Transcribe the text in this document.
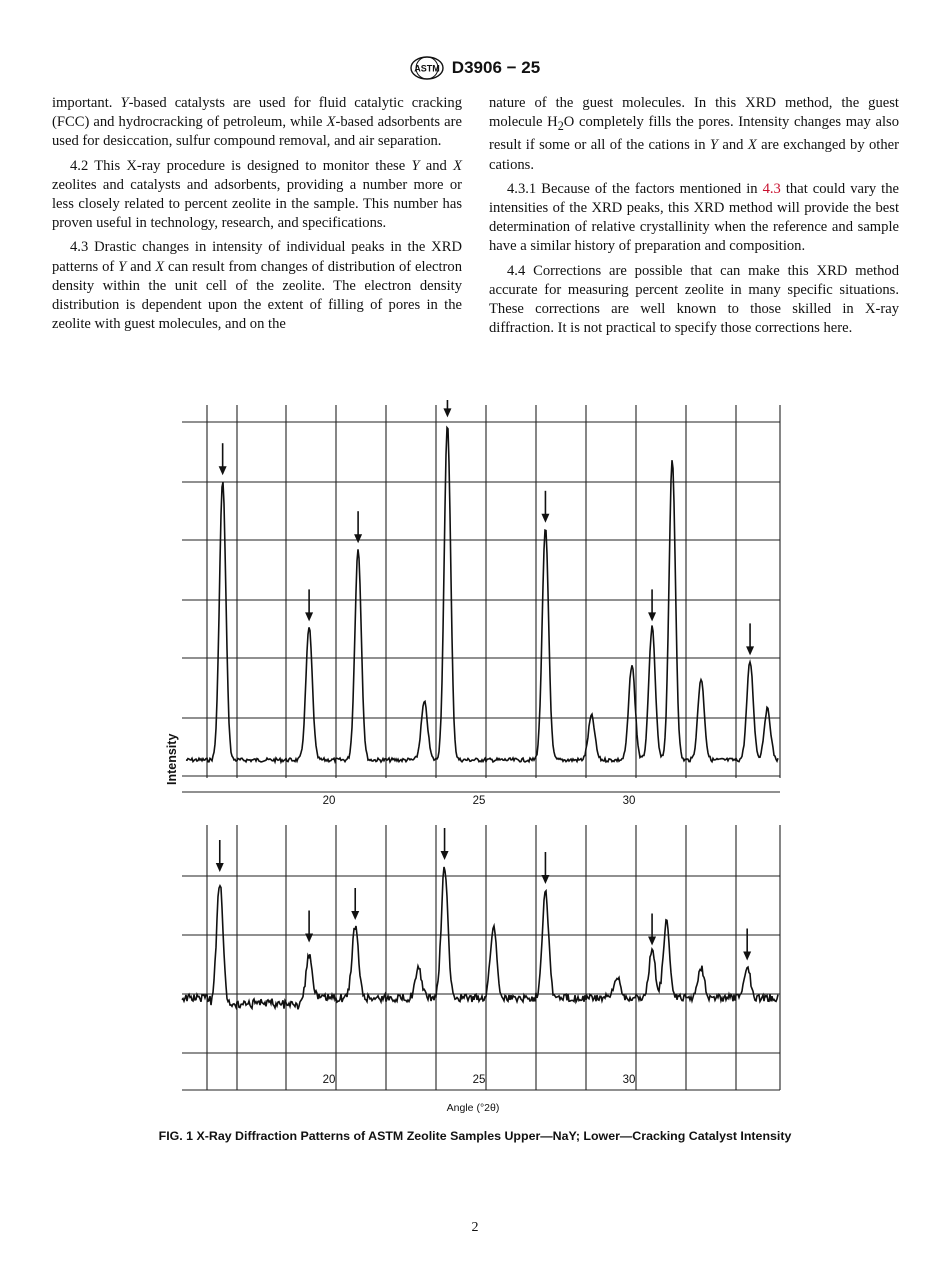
ASTM D3906 − 25

important. Y-based catalysts are used for fluid catalytic cracking (FCC) and hydrocracking of petroleum, while X-based adsorbents are used for desiccation, sulfur compound removal, and air separation.

4.2 This X-ray procedure is designed to monitor these Y and X zeolites and catalysts and adsorbents, providing a number more or less closely related to percent zeolite in the sample. This number has proven useful in technology, research, and specifications.

4.3 Drastic changes in intensity of individual peaks in the XRD patterns of Y and X can result from changes of distribution of electron density within the unit cell of the zeolite. The electron density distribution is dependent upon the extent of filling of pores in the zeolite with guest molecules, and on the

nature of the guest molecules. In this XRD method, the guest molecule $H_2O$ completely fills the pores. Intensity changes may also result if some or all of the cations in Y and X are exchanged by other cations.

4.3.1 Because of the factors mentioned in 4.3 that could vary the intensities of the XRD peaks, this XRD method will provide the best determination of relative crystallinity when the reference and sample have a similar history of preparation and composition.

4.4 Corrections are possible that can make this XRD method accurate for measuring percent zeolite in many specific situations. These corrections are well known to those skilled in X-ray diffraction. It is not practical to specify those corrections here.

20	25	30
20	25	30
Intensity
Angle (°2θ)
FIG. 1 X-Ray Diffraction Patterns of ASTM Zeolite Samples Upper—NaY; Lower—Cracking Catalyst Intensity
2
